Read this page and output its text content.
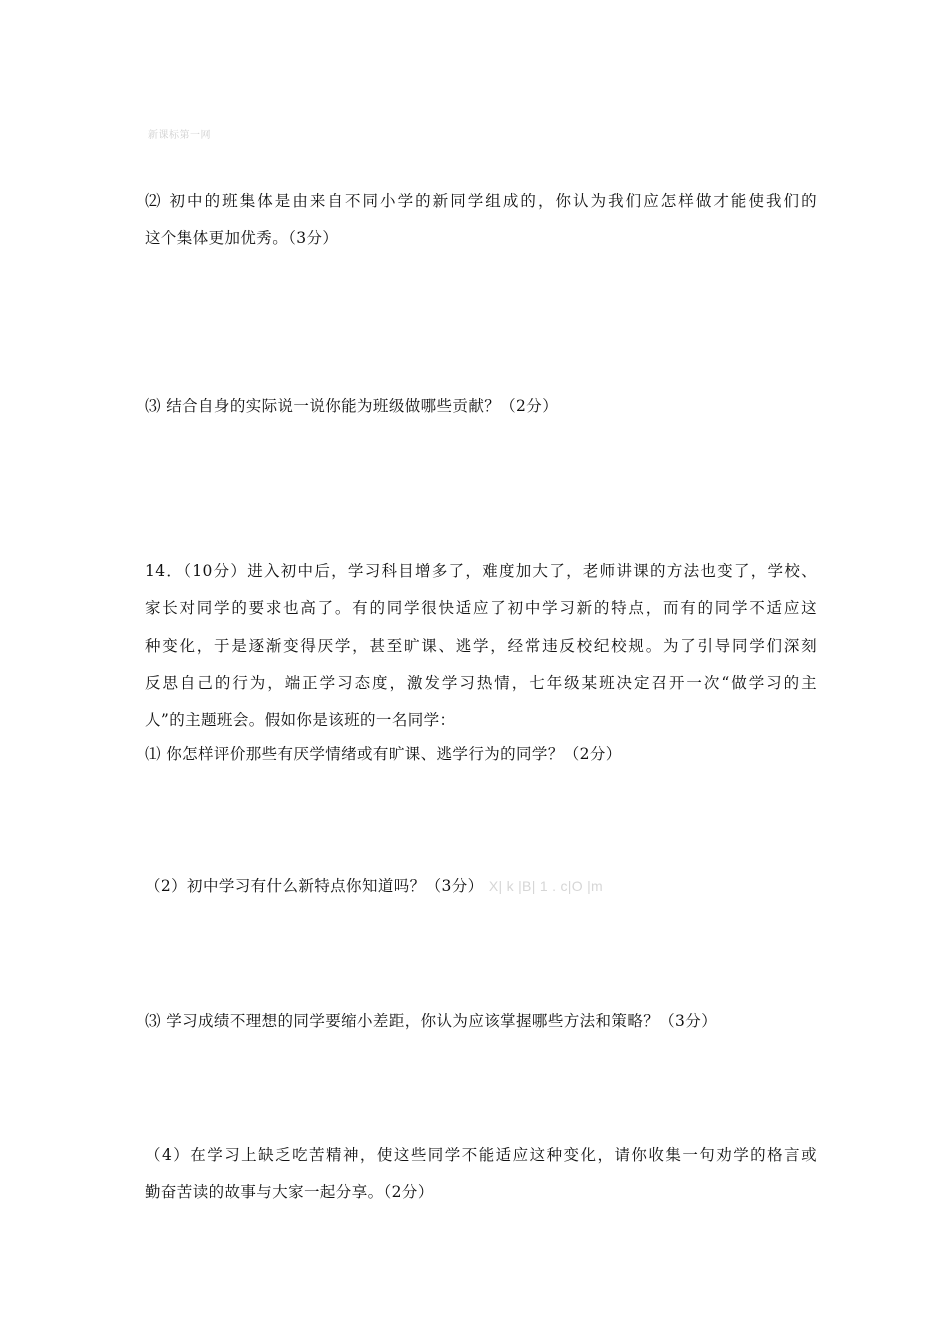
新课标第一网
⑵ 初中的班集体是由来自不同小学的新同学组成的，你认为我们应怎样做才能使我们的
这个集体更加优秀。（3分）
⑶ 结合自身的实际说一说你能为班级做哪些贡献？（2分）
14．（10分）进入初中后，学习科目增多了，难度加大了，老师讲课的方法也变了，学校、
家长对同学的要求也高了。有的同学很快适应了初中学习新的特点，而有的同学不适应这
种变化，于是逐渐变得厌学，甚至旷课、逃学，经常违反校纪校规。为了引导同学们深刻
反思自己的行为，端正学习态度，激发学习热情，七年级某班决定召开一次“做学习的主
人”的主题班会。假如你是该班的一名同学：
⑴ 你怎样评价那些有厌学情绪或有旷课、逃学行为的同学？（2分）
（2）初中学习有什么新特点你知道吗？（3分） X| k |B| 1 . c|O |m
⑶ 学习成绩不理想的同学要缩小差距，你认为应该掌握哪些方法和策略？（3分）
（4）在学习上缺乏吃苦精神，使这些同学不能适应这种变化，请你收集一句劝学的格言或
勤奋苦读的故事与大家一起分享。（2分）
